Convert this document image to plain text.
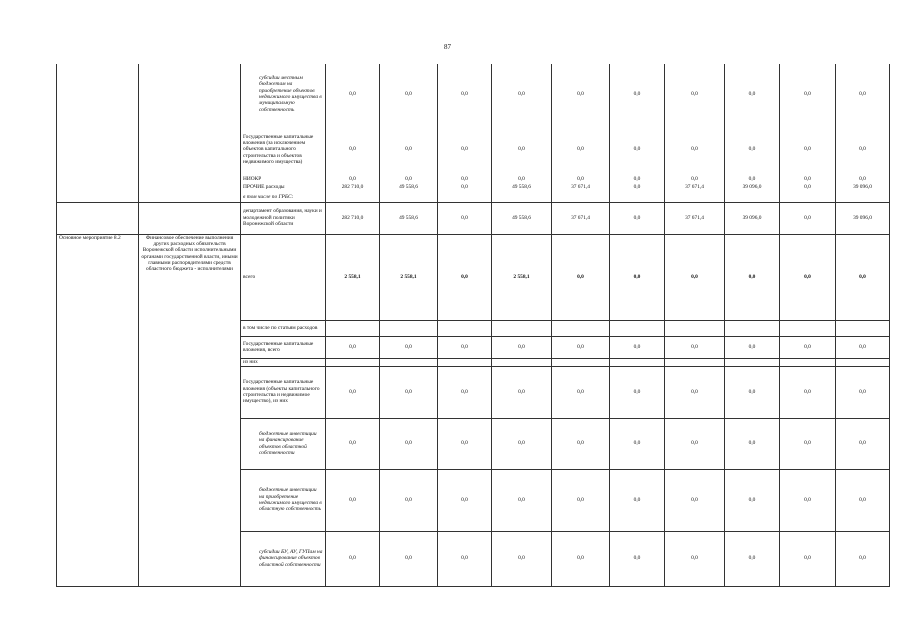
87
		субсидии местным бюджетам на приобретение объектов недвижимого имущества в муниципальную собственность	0,0	0,0	0,0	0,0	0,0	0,0	0,0	0,0	0,0	0,0
		Государственные капитальные вложения (за исключением объектов капитального строительства и объектов недвижимого имущества)	0,0	0,0	0,0	0,0	0,0	0,0	0,0	0,0	0,0	0,0
		НИОКР	0,0	0,0	0,0	0,0	0,0	0,0	0,0	0,0	0,0	0,0
		ПРОЧИЕ расходы	282 710,0	49 558,6	0,0	49 558,6	37 671,4	0,0	37 671,4	39 096,0	0,0	39 096,0
		в том числе по ГРБС:										
		департамент образования, науки и молодежной политики Воронежской области	282 710,0	49 558,6	0,0	49 558,6	37 671,4	0,0	37 671,4	39 096,0	0,0	39 096,0
Основное мероприятие 8.2	Финансовое обеспечение выполнения других расходных обязательств Воронежской области исполнительными органами государственной власти, иными главными распорядителями средств областного бюджета - исполнителями	всего	2 558,1	2 558,1	0,0	2 558,1	0,0	0,0	0,0	0,0	0,0	0,0
		в том числе по статьям расходов										
		Государственные капитальные вложения, всего	0,0	0,0	0,0	0,0	0,0	0,0	0,0	0,0	0,0	0,0
		из них										
		Государственные капитальные вложения (объекты капитального строительства и недвижимое имущество), из них	0,0	0,0	0,0	0,0	0,0	0,0	0,0	0,0	0,0	0,0
		бюджетные инвестиции на финансирование объектов областной собственности	0,0	0,0	0,0	0,0	0,0	0,0	0,0	0,0	0,0	0,0
		бюджетные инвестиции на приобретение недвижимого имущества в областную собственность	0,0	0,0	0,0	0,0	0,0	0,0	0,0	0,0	0,0	0,0
		субсидии БУ, АУ, ГУПам на финансирование объектов областной собственности	0,0	0,0	0,0	0,0	0,0	0,0	0,0	0,0	0,0	0,0
